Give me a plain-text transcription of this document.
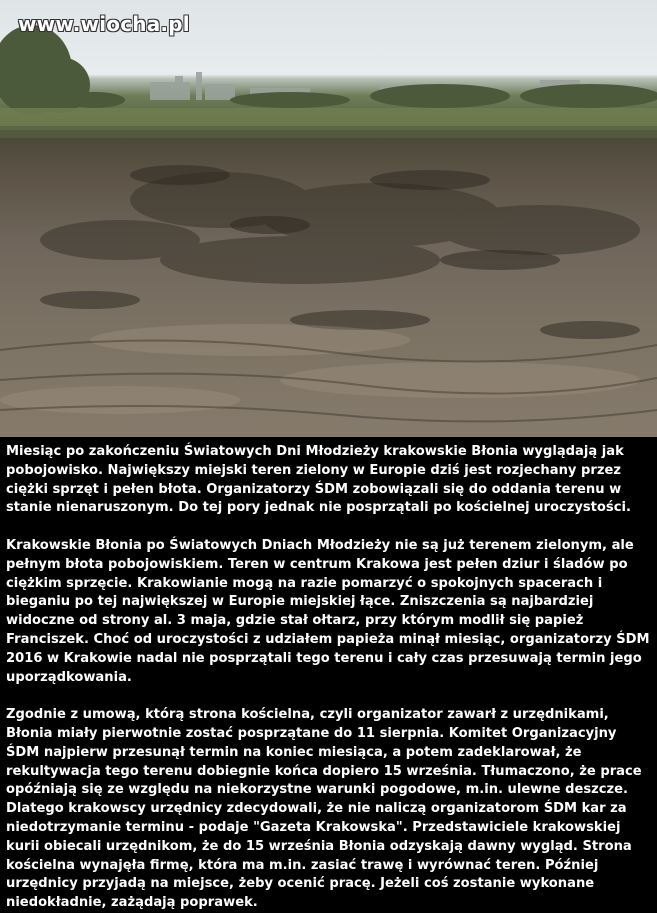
www.wiocha.pl

Miesiąc po zakończeniu Światowych Dni Młodzieży krakowskie Błonia wyglądają jak pobojowisko. Największy miejski teren zielony w Europie dziś jest rozjechany przez ciężki sprzęt i pełen błota. Organizatorzy ŚDM zobowiązali się do oddania terenu w stanie nienaruszonym. Do tej pory jednak nie posprzątali po kościelnej uroczystości.

Krakowskie Błonia po Światowych Dniach Młodzieży nie są już terenem zielonym, ale pełnym błota pobojowiskiem. Teren w centrum Krakowa jest pełen dziur i śladów po ciężkim sprzęcie. Krakowianie mogą na razie pomarzyć o spokojnych spacerach i bieganiu po tej największej w Europie miejskiej łące. Zniszczenia są najbardziej widoczne od strony al. 3 maja, gdzie stał ołtarz, przy którym modlił się papież Franciszek. Choć od uroczystości z udziałem papieża minął miesiąc, organizatorzy ŚDM 2016 w Krakowie nadal nie posprzątali tego terenu i cały czas przesuwają termin jego uporządkowania.

Zgodnie z umową, którą strona kościelna, czyli organizator zawarł z urzędnikami, Błonia miały pierwotnie zostać posprzątane do 11 sierpnia. Komitet Organizacyjny ŚDM najpierw przesunął termin na koniec miesiąca, a potem zadeklarował, że rekultywacja tego terenu dobiegnie końca dopiero 15 września. Tłumaczono, że prace opóźniają się ze względu na niekorzystne warunki pogodowe, m.in. ulewne deszcze. Dlatego krakowscy urzędnicy zdecydowali, że nie naliczą organizatorom ŚDM kar za niedotrzymanie terminu - podaje "Gazeta Krakowska". Przedstawiciele krakowskiej kurii obiecali urzędnikom, że do 15 września Błonia odzyskają dawny wygląd. Strona kościelna wynajęła firmę, która ma m.in. zasiać trawę i wyrównać teren. Później urzędnicy przyjadą na miejsce, żeby ocenić pracę. Jeżeli coś zostanie wykonane niedokładnie, zażądają poprawek.
